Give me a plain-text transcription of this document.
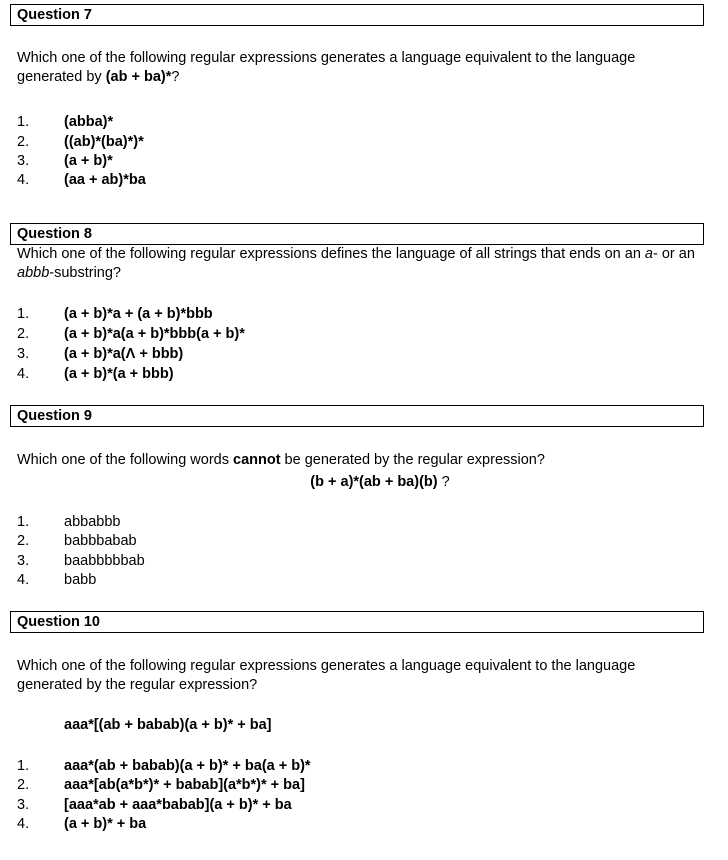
Question 7
Which one of the following regular expressions generates a language equivalent to the language
generated by (ab + ba)*?
1.	(abba)*
2.	((ab)*(ba)*)*
3.	(a + b)*
4.	(aa + ab)*ba
Question 8
Which one of the following regular expressions defines the language of all strings that ends on an a- or an
abbb-substring?
1.	(a + b)*a + (a + b)*bbb
2.	(a + b)*a(a + b)*bbb(a + b)*
3.	(a + b)*a(Λ + bbb)
4.	(a + b)*(a + bbb)
Question 9
Which one of the following words cannot be generated by the regular expression?
(b + a)*(ab + ba)(b) ?
1.	abbabbb
2.	babbbabab
3.	baabbbbbab
4.	babb
Question 10
Which one of the following regular expressions generates a language equivalent to the language
generated by the regular expression?
aaa*[(ab + babab)(a + b)* + ba]
1.	aaa*(ab + babab)(a + b)* + ba(a + b)*
2.	aaa*[ab(a*b*)* + babab](a*b*)* + ba]
3.	[aaa*ab + aaa*babab](a + b)* + ba
4.	(a + b)* + ba
